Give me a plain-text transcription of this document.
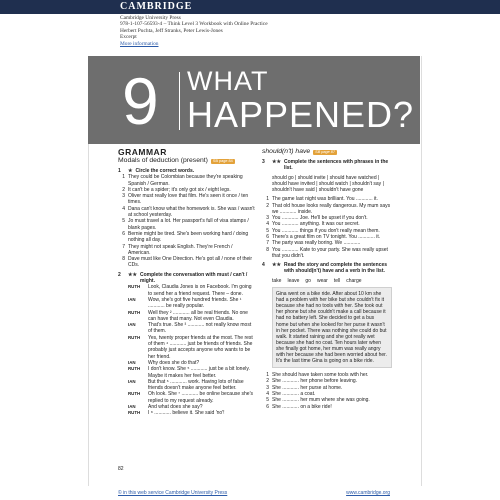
CAMBRIDGE
Cambridge University Press
978-1-107-56593-4 – Think Level 3 Workbook with Online Practice
Herbert Puchta, Jeff Stranks, Peter Lewis-Jones
Excerpt
More information
9 WHAT
HAPPENED?
GRAMMAR
Modals of deduction (present)	SB page 84
1	★ Circle the correct words.
1 They could be Colombian because they're speaking Spanish / German.
2 It can't be a spider; it's only got six / eight legs.
3 Oliver must really love that film. He's seen it once / ten times.
4 Dana can't know what the homework is. She was / wasn't at school yesterday.
5 Jo must travel a lot. Her passport's full of visa stamps / blank pages.
6 Bernie might be tired. She's been working hard / doing nothing all day.
7 They might not speak English. They're French / American.
8 Dave must like One Direction. He's got all / none of their CDs.
2	★★ Complete the conversation with must / can't / might.
RUTH	Look, Claudia Jones is on Facebook. I'm going to send her a friend request. There – done.
IAN	Wow, she's got five hundred friends. She ¹ ............ be really popular.
RUTH	Well they ² ............ all be real friends. No one can have that many. Not even Claudia.
IAN	That's true. She ³ ............ not really know most of them.
RUTH	Yes, twenty proper friends at the most. The rest of them ⁴ ............ just be friends of friends. She probably just accepts anyone who wants to be her friend.
IAN	Why does she do that?
RUTH	I don't know. She ⁵ ............ just be a bit lonely. Maybe it makes her feel better.
IAN	But that ⁶ ............ work. Having lots of false friends doesn't make anyone feel better.
RUTH	Oh look. She ⁷ ............ be online because she's replied to my request already.
IAN	And what does she say?
RUTH	I ⁸ ............ believe it. She said 'no'!
should(n't) have	SB page 87
3	★★ Complete the sentences with phrases in the list.
should go | should invite | should have watched | should have invited | should watch | shouldn't say | shouldn't have said | shouldn't have gone
1 The game last night was brilliant. You ............ it.
2 That old house looks really dangerous. My mum says we ............ inside.
3 You ............ Joe. He'll be upset if you don't.
4 You ............ anything. It was our secret.
5 You ............ things if you don't really mean them.
6 There's a great film on TV tonight. You ............ it.
7 The party was really boring. We ............
8 You ............ Kate to your party. She was really upset that you didn't.
4	★★ Read the story and complete the sentences with should(n't) have and a verb in the list.
take leave go wear tell charge
Gina went on a bike ride. After about 10 km she had a problem with her bike but she couldn't fix it because she had no tools with her. She took out her phone but she couldn't make a call because it had no battery left. She decided to get a bus home but when she looked for her purse it wasn't in her pocket. There was nothing she could do but walk. It started raining and she got really wet because she had no coat. Ten hours later when she finally got home, her mum was really angry with her because she had been worried about her. It's the last time Gina is going on a bike ride.
1 She should have taken some tools with her.
2 She ............ her phone before leaving.
3 She ............ her purse at home.
4 She ............ a coat.
5 She ............ her mum where she was going.
6 She ............ on a bike ride!
82
© in this web service Cambridge University Press	www.cambridge.org
